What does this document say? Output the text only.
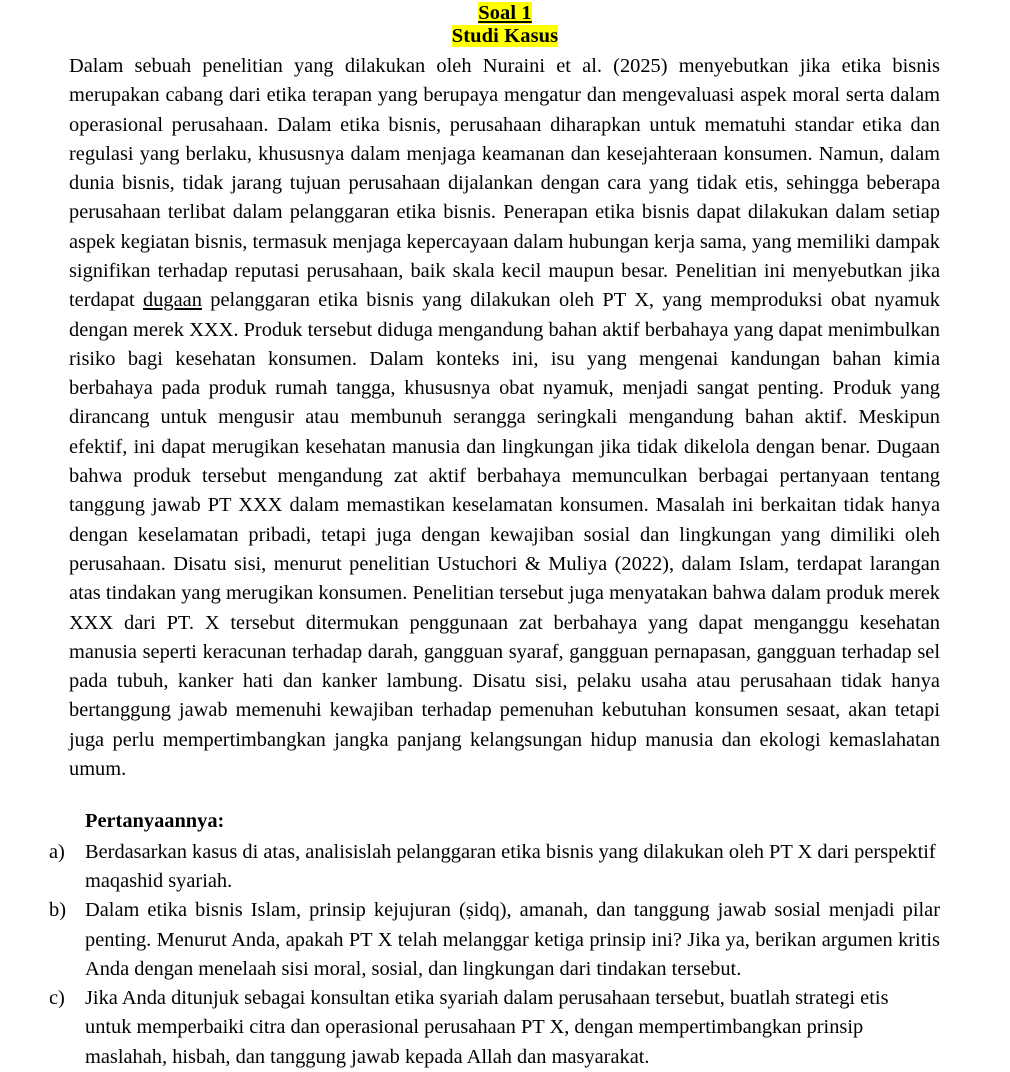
Soal 1
Studi Kasus

Dalam sebuah penelitian yang dilakukan oleh Nuraini et al. (2025) menyebutkan jika etika bisnis merupakan cabang dari etika terapan yang berupaya mengatur dan mengevaluasi aspek moral serta dalam operasional perusahaan. Dalam etika bisnis, perusahaan diharapkan untuk mematuhi standar etika dan regulasi yang berlaku, khususnya dalam menjaga keamanan dan kesejahteraan konsumen. Namun, dalam dunia bisnis, tidak jarang tujuan perusahaan dijalankan dengan cara yang tidak etis, sehingga beberapa perusahaan terlibat dalam pelanggaran etika bisnis. Penerapan etika bisnis dapat dilakukan dalam setiap aspek kegiatan bisnis, termasuk menjaga kepercayaan dalam hubungan kerja sama, yang memiliki dampak signifikan terhadap reputasi perusahaan, baik skala kecil maupun besar. Penelitian ini menyebutkan jika terdapat dugaan pelanggaran etika bisnis yang dilakukan oleh PT X, yang memproduksi obat nyamuk dengan merek XXX. Produk tersebut diduga mengandung bahan aktif berbahaya yang dapat menimbulkan risiko bagi kesehatan konsumen. Dalam konteks ini, isu yang mengenai kandungan bahan kimia berbahaya pada produk rumah tangga, khususnya obat nyamuk, menjadi sangat penting. Produk yang dirancang untuk mengusir atau membunuh serangga seringkali mengandung bahan aktif. Meskipun efektif, ini dapat merugikan kesehatan manusia dan lingkungan jika tidak dikelola dengan benar. Dugaan bahwa produk tersebut mengandung zat aktif berbahaya memunculkan berbagai pertanyaan tentang tanggung jawab PT XXX dalam memastikan keselamatan konsumen. Masalah ini berkaitan tidak hanya dengan keselamatan pribadi, tetapi juga dengan kewajiban sosial dan lingkungan yang dimiliki oleh perusahaan. Disatu sisi, menurut penelitian Ustuchori & Muliya (2022), dalam Islam, terdapat larangan atas tindakan yang merugikan konsumen. Penelitian tersebut juga menyatakan bahwa dalam produk merek XXX dari PT. X tersebut ditermukan penggunaan zat berbahaya yang dapat menganggu kesehatan manusia seperti keracunan terhadap darah, gangguan syaraf, gangguan pernapasan, gangguan terhadap sel pada tubuh, kanker hati dan kanker lambung. Disatu sisi, pelaku usaha atau perusahaan tidak hanya bertanggung jawab memenuhi kewajiban terhadap pemenuhan kebutuhan konsumen sesaat, akan tetapi juga perlu mempertimbangkan jangka panjang kelangsungan hidup manusia dan ekologi kemaslahatan umum.

Pertanyaannya:
a) Berdasarkan kasus di atas, analisislah pelanggaran etika bisnis yang dilakukan oleh PT X dari perspektif maqashid syariah.
b) Dalam etika bisnis Islam, prinsip kejujuran (ṣidq), amanah, dan tanggung jawab sosial menjadi pilar penting. Menurut Anda, apakah PT X telah melanggar ketiga prinsip ini? Jika ya, berikan argumen kritis Anda dengan menelaah sisi moral, sosial, dan lingkungan dari tindakan tersebut.
c) Jika Anda ditunjuk sebagai konsultan etika syariah dalam perusahaan tersebut, buatlah strategi etis untuk memperbaiki citra dan operasional perusahaan PT X, dengan mempertimbangkan prinsip maslahah, hisbah, dan tanggung jawab kepada Allah dan masyarakat.
